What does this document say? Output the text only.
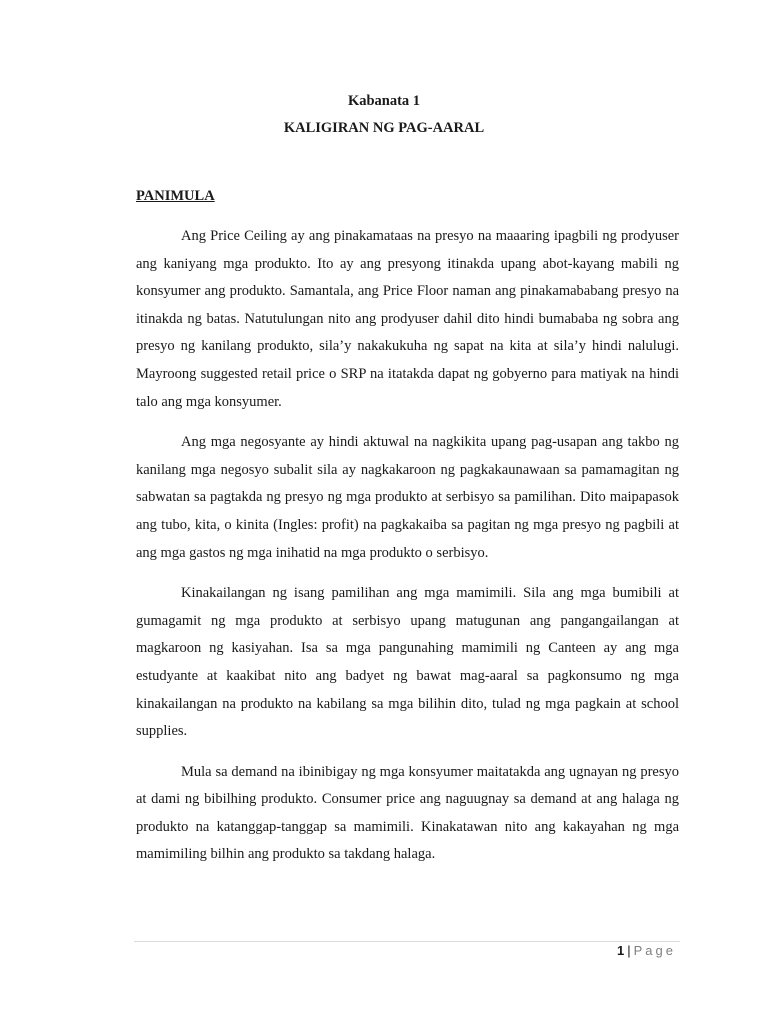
Kabanata 1
KALIGIRAN NG PAG-AARAL
PANIMULA

Ang Price Ceiling ay ang pinakamataas na presyo na maaaring ipagbili ng prodyuser ang kaniyang mga produkto. Ito ay ang presyong itinakda upang abot-kayang mabili ng konsyumer ang produkto. Samantala, ang Price Floor naman ang pinakamababang presyo na itinakda ng batas. Natutulungan nito ang prodyuser dahil dito hindi bumababa ng sobra ang presyo ng kanilang produkto, sila’y nakakukuha ng sapat na kita at sila’y hindi nalulugi. Mayroong suggested retail price o SRP na itatakda dapat ng gobyerno para matiyak na hindi talo ang mga konsyumer.

Ang mga negosyante ay hindi aktuwal na nagkikita upang pag-usapan ang takbo ng kanilang mga negosyo subalit sila ay nagkakaroon ng pagkakaunawaan sa pamamagitan ng sabwatan sa pagtakda ng presyo ng mga produkto at serbisyo sa pamilihan. Dito maipapasok ang tubo, kita, o kinita (Ingles: profit) na pagkakaiba sa pagitan ng mga presyo ng pagbili at ang mga gastos ng mga inihatid na mga produkto o serbisyo.

Kinakailangan ng isang pamilihan ang mga mamimili. Sila ang mga bumibili at gumagamit ng mga produkto at serbisyo upang matugunan ang pangangailangan at magkaroon ng kasiyahan. Isa sa mga pangunahing mamimili ng Canteen ay ang mga estudyante at kaakibat nito ang badyet ng bawat mag-aaral sa pagkonsumo ng mga kinakailangan na produkto na kabilang sa mga bilihin dito, tulad ng mga pagkain at school supplies.

Mula sa demand na ibinibigay ng mga konsyumer maitatakda ang ugnayan ng presyo at dami ng bibilhing produkto. Consumer price ang naguugnay sa demand at ang halaga ng produkto na katanggap-tanggap sa mamimili. Kinakatawan nito ang kakayahan ng mga mamimiling bilhin ang produkto sa takdang halaga.

1 | Page
